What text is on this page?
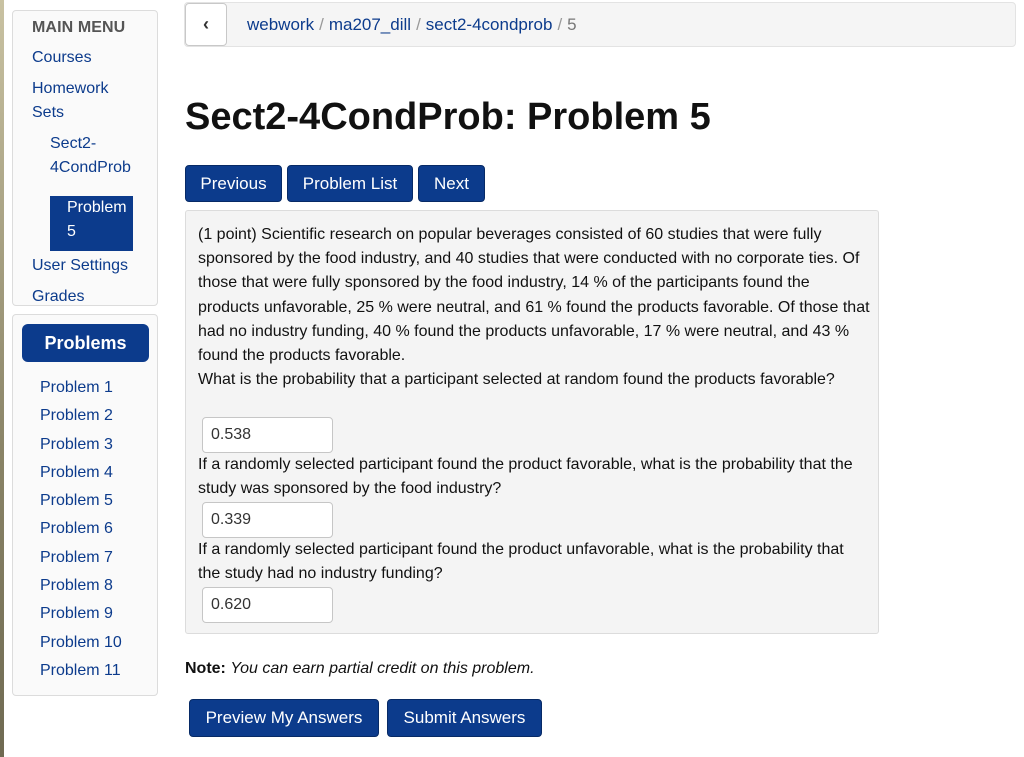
MAIN MENU
Courses
Homework Sets
Sect2-4CondProb
Problem 5
User Settings
Grades
Problems
Problem 1
Problem 2
Problem 3
Problem 4
Problem 5
Problem 6
Problem 7
Problem 8
Problem 9
Problem 10
Problem 11
‹	webwork / ma207_dill / sect2-4condprob / 5
Sect2-4CondProb: Problem 5
Previous	Problem List	Next

(1 point) Scientific research on popular beverages consisted of 60 studies that were fully sponsored by the food industry, and 40 studies that were conducted with no corporate ties. Of those that were fully sponsored by the food industry, 14 % of the participants found the products unfavorable, 25 % were neutral, and 61 % found the products favorable. Of those that had no industry funding, 40 % found the products unfavorable, 17 % were neutral, and 43 % found the products favorable.

What is the probability that a participant selected at random found the products favorable?

0.538

If a randomly selected participant found the product favorable, what is the probability that the study was sponsored by the food industry?

0.339

If a randomly selected participant found the product unfavorable, what is the probability that the study had no industry funding?

0.620
Note: You can earn partial credit on this problem.
Preview My Answers	Submit Answers
